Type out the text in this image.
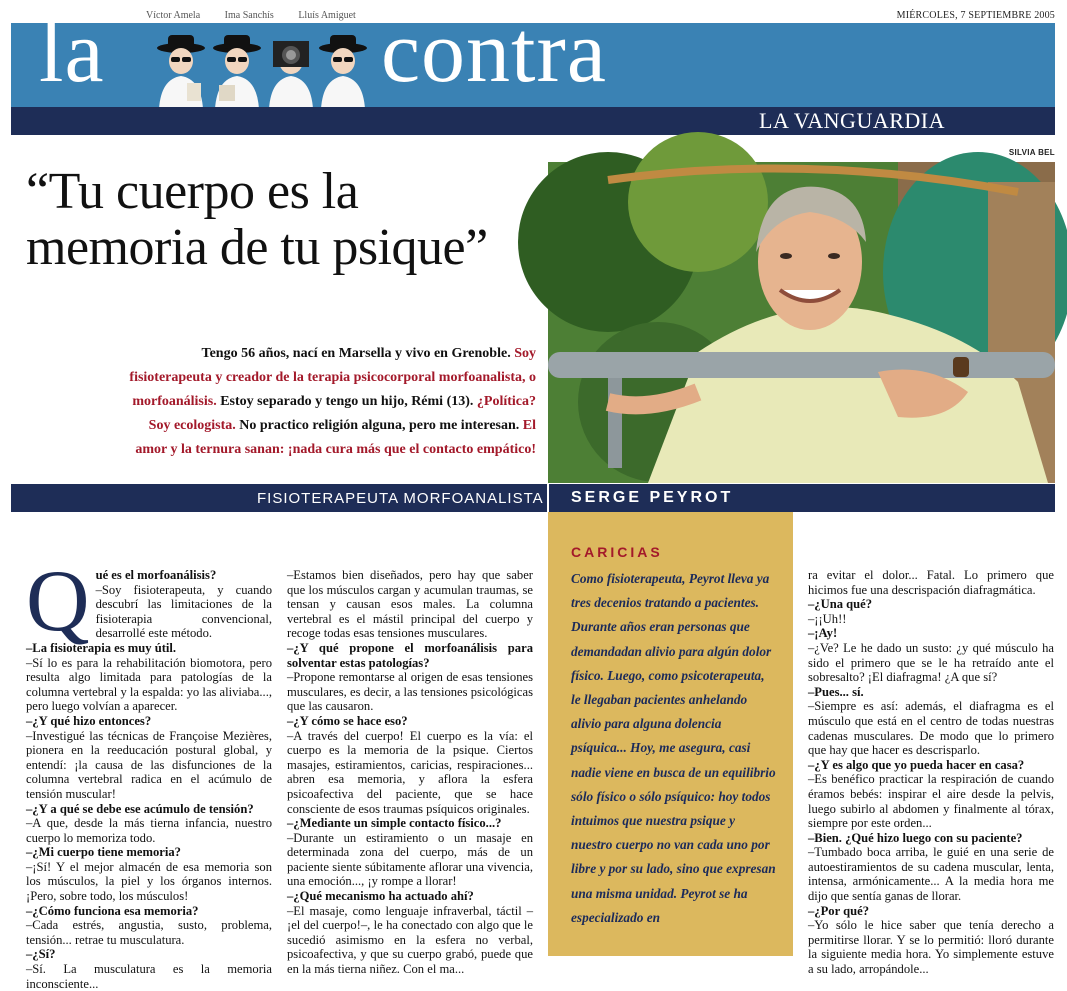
Víctor Amela Ima Sanchís Lluís Amiguet	MIÉRCOLES, 7 SEPTIEMBRE 2005
la	contra
LA VANGUARDIA
SILVIA BEL
“Tu cuerpo es la memoria de tu psique”
Tengo 56 años, nací en Marsella y vivo en Grenoble. Soy fisioterapeuta y creador de la terapia psicocorporal morfoanalista, o morfoanálisis. Estoy separado y tengo un hijo, Rémi (13). ¿Política? Soy ecologista. No practico religión alguna, pero me interesan. El amor y la ternura sanan: ¡nada cura más que el contacto empático!
FISIOTERAPEUTA MORFOANALISTA SERGE PEYROT
Q ué es el morfoanálisis?

–Soy fisioterapeuta, y cuando descubrí las limitaciones de la fisioterapia convencional, desarrollé este método.

–La fisioterapia es muy útil.

–Sí lo es para la rehabilitación biomotora, pero resulta algo limitada para patologías de la columna vertebral y la espalda: yo las aliviaba..., pero luego volvían a aparecer.

–¿Y qué hizo entonces?

–Investigué las técnicas de Françoise Mezières, pionera en la reeducación postural global, y entendí: ¡la causa de las disfunciones de la columna vertebral radica en el acúmulo de tensión muscular!

–¿Y a qué se debe ese acúmulo de tensión?

–A que, desde la más tierna infancia, nuestro cuerpo lo memoriza todo.

–¿Mi cuerpo tiene memoria?

–¡Sí! Y el mejor almacén de esa memoria son los músculos, la piel y los órganos internos. ¡Pero, sobre todo, los músculos!

–¿Cómo funciona esa memoria?

–Cada estrés, angustia, susto, problema, tensión... retrae tu musculatura.

–¿Sí?

–Sí. La musculatura es la memoria inconsciente...

–Estamos bien diseñados, pero hay que saber que los músculos cargan y acumulan traumas, se tensan y causan esos males. La columna vertebral es el mástil principal del cuerpo y recoge todas esas tensiones musculares.

–¿Y qué propone el morfoanálisis para solventar estas patologías?

–Propone remontarse al origen de esas tensiones musculares, es decir, a las tensiones psicológicas que las causaron.

–¿Y cómo se hace eso?

–A través del cuerpo! El cuerpo es la vía: el cuerpo es la memoria de la psique. Ciertos masajes, estiramientos, caricias, respiraciones... abren esa memoria, y aflora la esfera psicoafectiva del paciente, que se hace consciente de esos traumas psíquicos originales.

–¿Mediante un simple contacto físico...?

–Durante un estiramiento o un masaje en determinada zona del cuerpo, más de un paciente siente súbitamente aflorar una vivencia, una emoción..., ¡y rompe a llorar!

–¿Qué mecanismo ha actuado ahí?

–El masaje, como lenguaje infraverbal, táctil –¡el del cuerpo!–, le ha conectado con algo que le sucedió asimismo en la esfera no verbal, psicoafectiva, y que su cuerpo grabó, puede que en la más tierna niñez. Con el ma...

CARICIAS
Como fisioterapeuta, Peyrot lleva ya tres decenios tratando a pacientes. Durante años eran personas que demandadan alivio para algún dolor físico. Luego, como psicoterapeuta, le llegaban pacientes anhelando alivio para alguna dolencia psíquica... Hoy, me asegura, casi nadie viene en busca de un equilibrio sólo físico o sólo psíquico: hoy todos intuimos que nuestra psique y nuestro cuerpo no van cada uno por libre y por su lado, sino que expresan una misma unidad. Peyrot se ha especializado en

ra evitar el dolor... Fatal. Lo primero que hicimos fue una descrispación diafragmática.

–¿Una qué?

–¡¡Uh!!

–¡Ay!

–¿Ve? Le he dado un susto: ¿y qué músculo ha sido el primero que se le ha retraído ante el sobresalto? ¡El diafragma! ¿A que sí?

–Pues... sí.

–Siempre es así: además, el diafragma es el músculo que está en el centro de todas nuestras cadenas musculares. De modo que lo primero que hay que hacer es descrisparlo.

–¿Y es algo que yo pueda hacer en casa?

–Es benéfico practicar la respiración de cuando éramos bebés: inspirar el aire desde la pelvis, luego subirlo al abdomen y finalmente al tórax, siempre por este orden...

–Bien. ¿Qué hizo luego con su paciente?

–Tumbado boca arriba, le guié en una serie de autoestiramientos de su cadena muscular, lenta, intensa, armónicamente... A la media hora me dijo que sentía ganas de llorar.

–¿Por qué?

–Yo sólo le hice saber que tenía derecho a permitirse llorar. Y se lo permitió: lloró durante la siguiente media hora. Yo simplemente estuve a su lado, arropándole...
